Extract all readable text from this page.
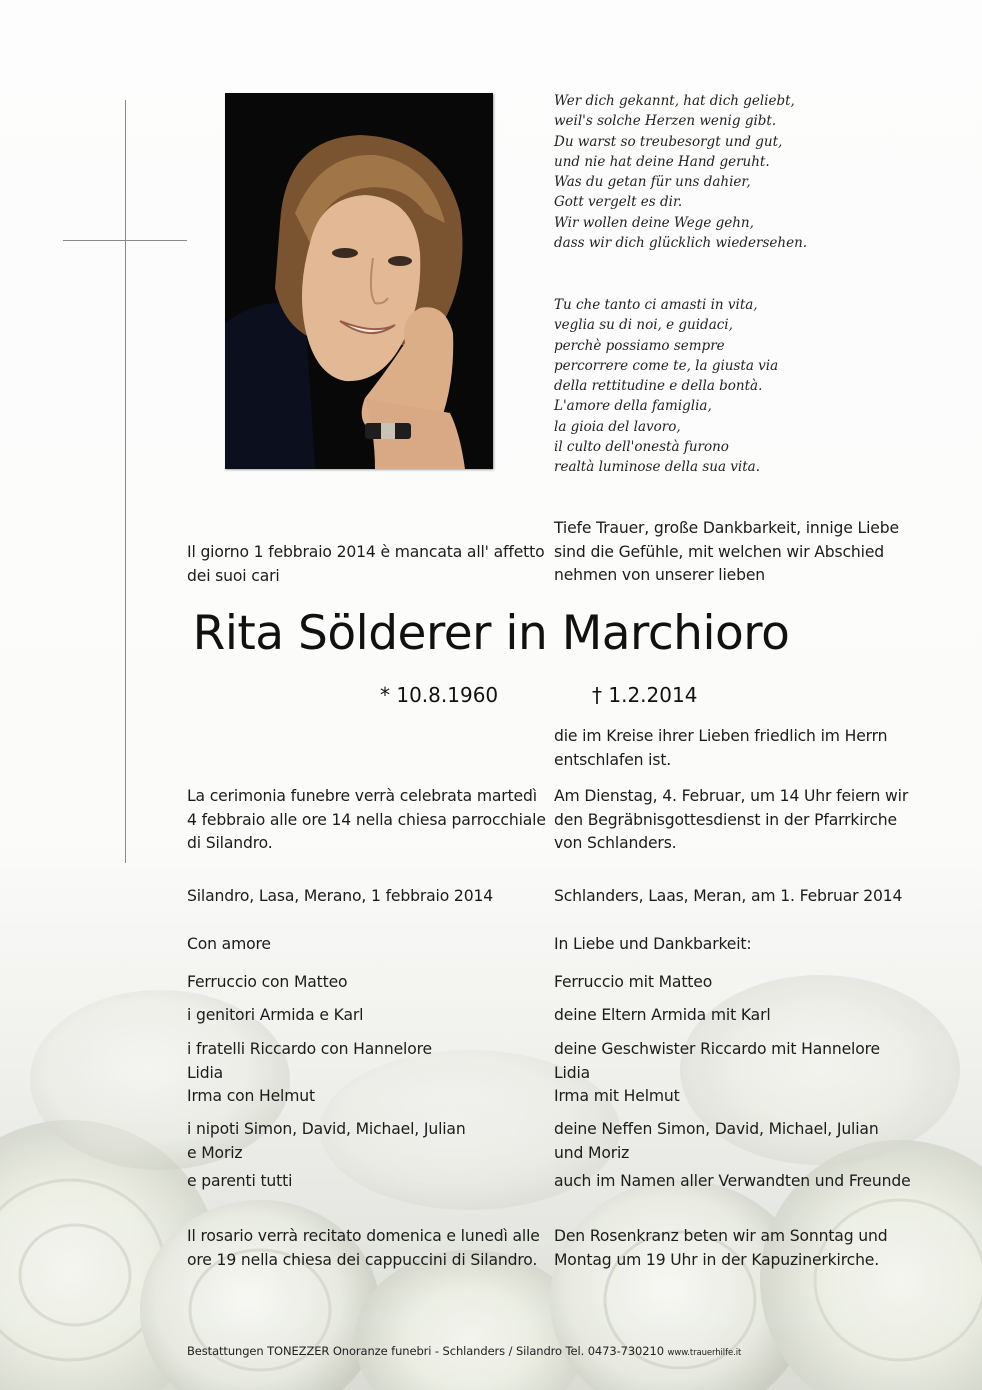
Wer dich gekannt, hat dich geliebt,
weil's solche Herzen wenig gibt.
Du warst so treubesorgt und gut,
und nie hat deine Hand geruht.
Was du getan für uns dahier,
Gott vergelt es dir.
Wir wollen deine Wege gehn,
dass wir dich glücklich wiedersehen.
Tu che tanto ci amasti in vita,
veglia su di noi, e guidaci,
perchè possiamo sempre
percorrere come te, la giusta via
della rettitudine e della bontà.
L'amore della famiglia,
la gioia del lavoro,
il culto dell'onestà furono
realtà luminose della sua vita.
Il giorno 1 febbraio 2014 è mancata all' affetto
dei suoi cari
Tiefe Trauer, große Dankbarkeit, innige Liebe
sind die Gefühle, mit welchen wir Abschied
nehmen von unserer lieben
Rita Sölderer in Marchioro
* 10.8.1960	† 1.2.2014
die im Kreise ihrer Lieben friedlich im Herrn
entschlafen ist.
La cerimonia funebre verrà celebrata martedì
4 febbraio alle ore 14 nella chiesa parrocchiale
di Silandro.
Am Dienstag, 4. Februar, um 14 Uhr feiern wir
den Begräbnisgottesdienst in der Pfarrkirche
von Schlanders.
Silandro, Lasa, Merano, 1 febbraio 2014	Schlanders, Laas, Meran, am 1. Februar 2014
Con amore	In Liebe und Dankbarkeit:
Ferruccio con Matteo
i genitori Armida e Karl
i fratelli Riccardo con Hannelore
Lidia
Irma con Helmut
i nipoti Simon, David, Michael, Julian
e Moriz
e parenti tutti
Ferruccio mit Matteo
deine Eltern Armida mit Karl
deine Geschwister Riccardo mit Hannelore
Lidia
Irma mit Helmut
deine Neffen Simon, David, Michael, Julian
und Moriz
auch im Namen aller Verwandten und Freunde
Il rosario verrà recitato domenica e lunedì alle
ore 19 nella chiesa dei cappuccini di Silandro.
Den Rosenkranz beten wir am Sonntag und
Montag um 19 Uhr in der Kapuzinerkirche.
Bestattungen TONEZZER Onoranze funebri - Schlanders / Silandro Tel. 0473-730210 www.trauerhilfe.it
